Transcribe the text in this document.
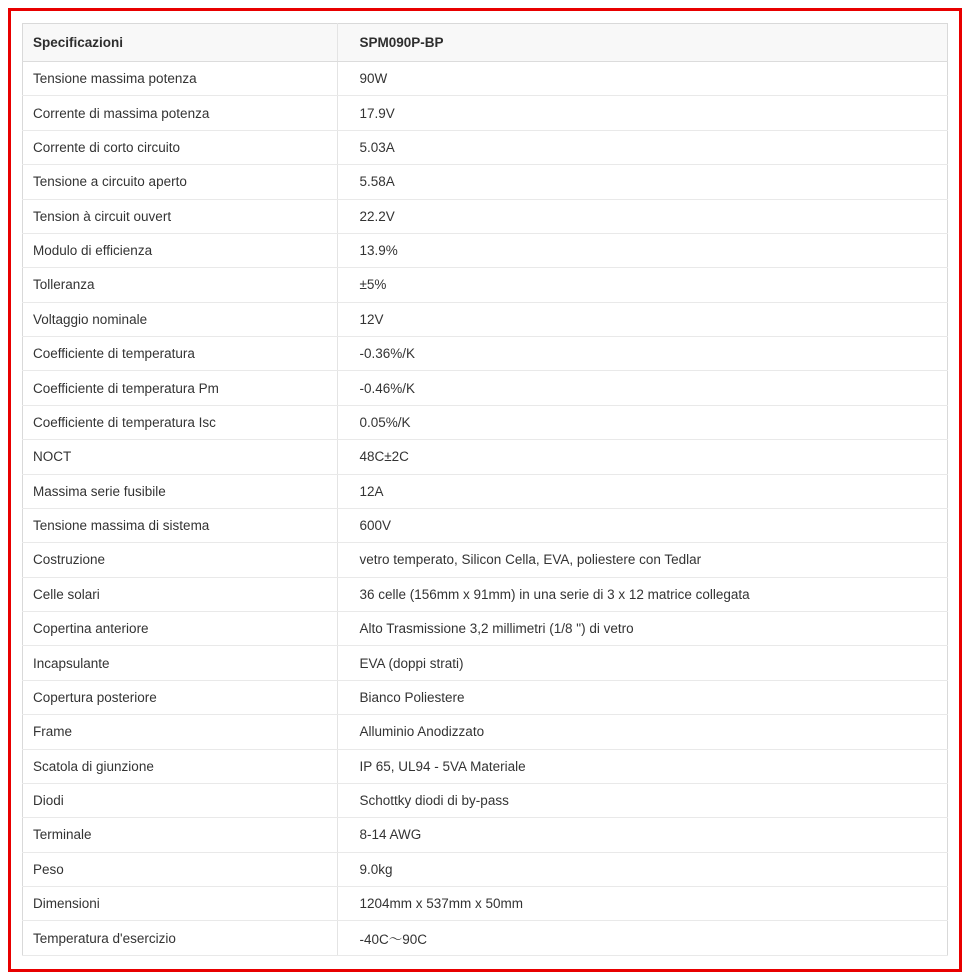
Specificazioni	SPM090P-BP
Tensione massima potenza	90W
Corrente di massima potenza	17.9V
Corrente di corto circuito	5.03A
Tensione a circuito aperto	5.58A
Tension à circuit ouvert	22.2V
Modulo di efficienza	13.9%
Tolleranza	±5%
Voltaggio nominale	12V
Coefficiente di temperatura	-0.36%/K
Coefficiente di temperatura Pm	-0.46%/K
Coefficiente di temperatura Isc	0.05%/K
NOCT	48C±2C
Massima serie fusibile	12A
Tensione massima di sistema	600V
Costruzione	vetro temperato, Silicon Cella, EVA, poliestere con Tedlar
Celle solari	36 celle (156mm x 91mm) in una serie di 3 x 12 matrice collegata
Copertina anteriore	Alto Trasmissione 3,2 millimetri (1/8 ") di vetro
Incapsulante	EVA (doppi strati)
Copertura posteriore	Bianco Poliestere
Frame	Alluminio Anodizzato
Scatola di giunzione	IP 65, UL94 - 5VA Materiale
Diodi	Schottky diodi di by-pass
Terminale	8-14 AWG
Peso	9.0kg
Dimensioni	1204mm x 537mm x 50mm
Temperatura d'esercizio	-40C〜90C
